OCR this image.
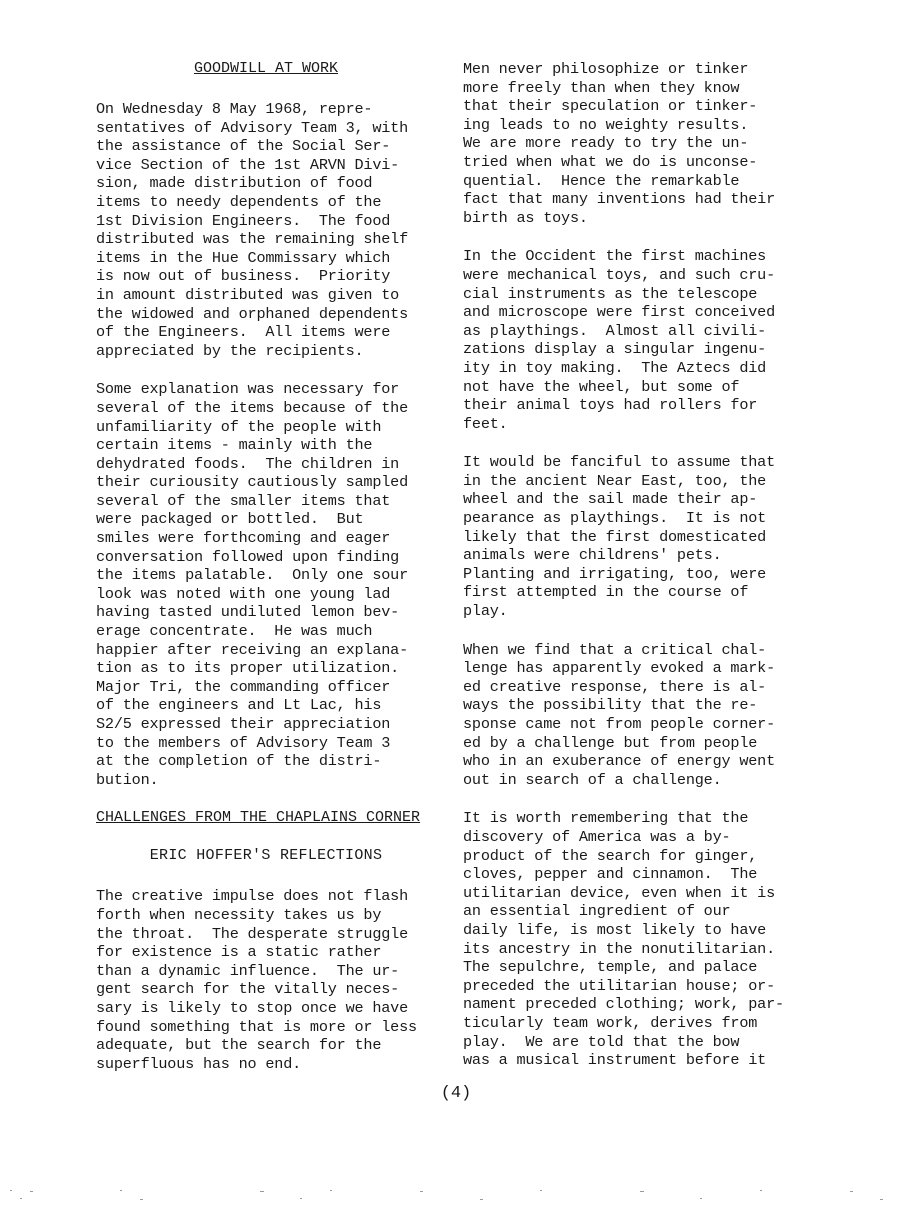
GOODWILL AT WORK
On Wednesday 8 May 1968, repre-
sentatives of Advisory Team 3, with
the assistance of the Social Ser-
vice Section of the 1st ARVN Divi-
sion, made distribution of food
items to needy dependents of the
1st Division Engineers.  The food
distributed was the remaining shelf
items in the Hue Commissary which
is now out of business.  Priority
in amount distributed was given to
the widowed and orphaned dependents
of the Engineers.  All items were
appreciated by the recipients.
Some explanation was necessary for
several of the items because of the
unfamiliarity of the people with
certain items - mainly with the
dehydrated foods.  The children in
their curiousity cautiously sampled
several of the smaller items that
were packaged or bottled.  But
smiles were forthcoming and eager
conversation followed upon finding
the items palatable.  Only one sour
look was noted with one young lad
having tasted undiluted lemon bev-
erage concentrate.  He was much
happier after receiving an explana-
tion as to its proper utilization.
Major Tri, the commanding officer
of the engineers and Lt Lac, his
S2/5 expressed their appreciation
to the members of Advisory Team 3
at the completion of the distri-
bution.
CHALLENGES FROM THE CHAPLAINS CORNER
ERIC HOFFER'S REFLECTIONS
The creative impulse does not flash
forth when necessity takes us by
the throat.  The desperate struggle
for existence is a static rather
than a dynamic influence.  The ur-
gent search for the vitally neces-
sary is likely to stop once we have
found something that is more or less
adequate, but the search for the
superfluous has no end.
Men never philosophize or tinker
more freely than when they know
that their speculation or tinker-
ing leads to no weighty results.
We are more ready to try the un-
tried when what we do is unconse-
quential.  Hence the remarkable
fact that many inventions had their
birth as toys.
In the Occident the first machines
were mechanical toys, and such cru-
cial instruments as the telescope
and microscope were first conceived
as playthings.  Almost all civili-
zations display a singular ingenu-
ity in toy making.  The Aztecs did
not have the wheel, but some of
their animal toys had rollers for
feet.
It would be fanciful to assume that
in the ancient Near East, too, the
wheel and the sail made their ap-
pearance as playthings.  It is not
likely that the first domesticated
animals were childrens' pets.
Planting and irrigating, too, were
first attempted in the course of
play.
When we find that a critical chal-
lenge has apparently evoked a mark-
ed creative response, there is al-
ways the possibility that the re-
sponse came not from people corner-
ed by a challenge but from people
who in an exuberance of energy went
out in search of a challenge.
It is worth remembering that the
discovery of America was a by-
product of the search for ginger,
cloves, pepper and cinnamon.  The
utilitarian device, even when it is
an essential ingredient of our
daily life, is most likely to have
its ancestry in the nonutilitarian.
The sepulchre, temple, and palace
preceded the utilitarian house; or-
nament preceded clothing; work, par-
ticularly team work, derives from
play.  We are told that the bow
was a musical instrument before it
(4)
